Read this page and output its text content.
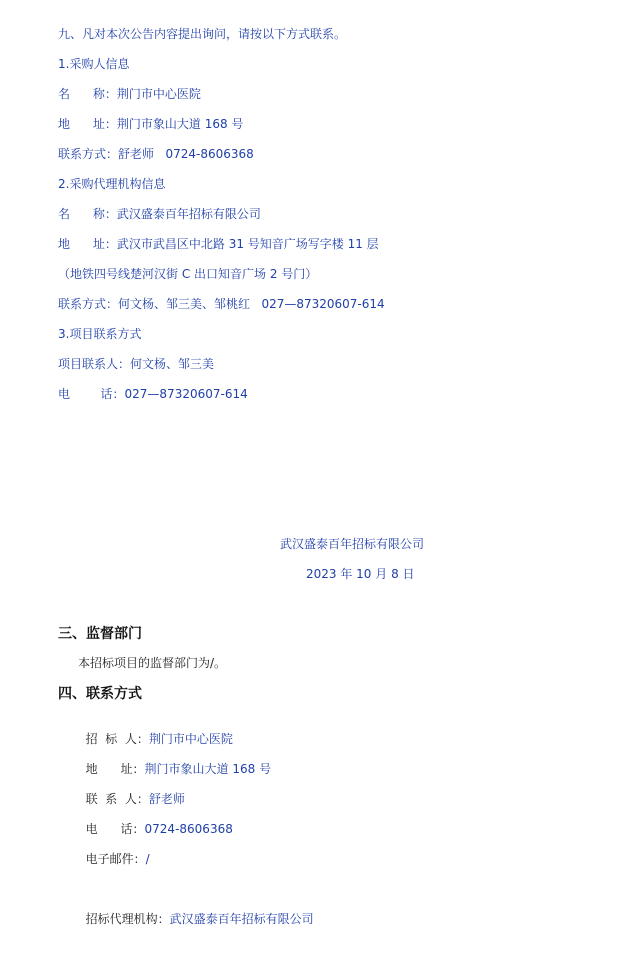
九、凡对本次公告内容提出询问，请按以下方式联系。
1.采购人信息
名      称：荆门市中心医院
地      址：荆门市象山大道 168 号
联系方式：舒老师   0724-8606368
2.采购代理机构信息
名      称：武汉盛泰百年招标有限公司
地      址：武汉市武昌区中北路 31 号知音广场写字楼 11 层
（地铁四号线楚河汉街 C 出口知音广场 2 号门）
联系方式：何文杨、邹三美、邹桃红   027—87320607-614
3.项目联系方式
项目联系人：何文杨、邹三美
电        话：027—87320607-614
武汉盛泰百年招标有限公司
2023 年 10 月 8 日
三、监督部门
本招标项目的监督部门为/。
四、联系方式

招  标  人：荆门市中心医院

地      址：荆门市象山大道 168 号

联  系  人：舒老师

电      话：0724-8606368

电子邮件：/

招标代理机构：武汉盛泰百年招标有限公司
